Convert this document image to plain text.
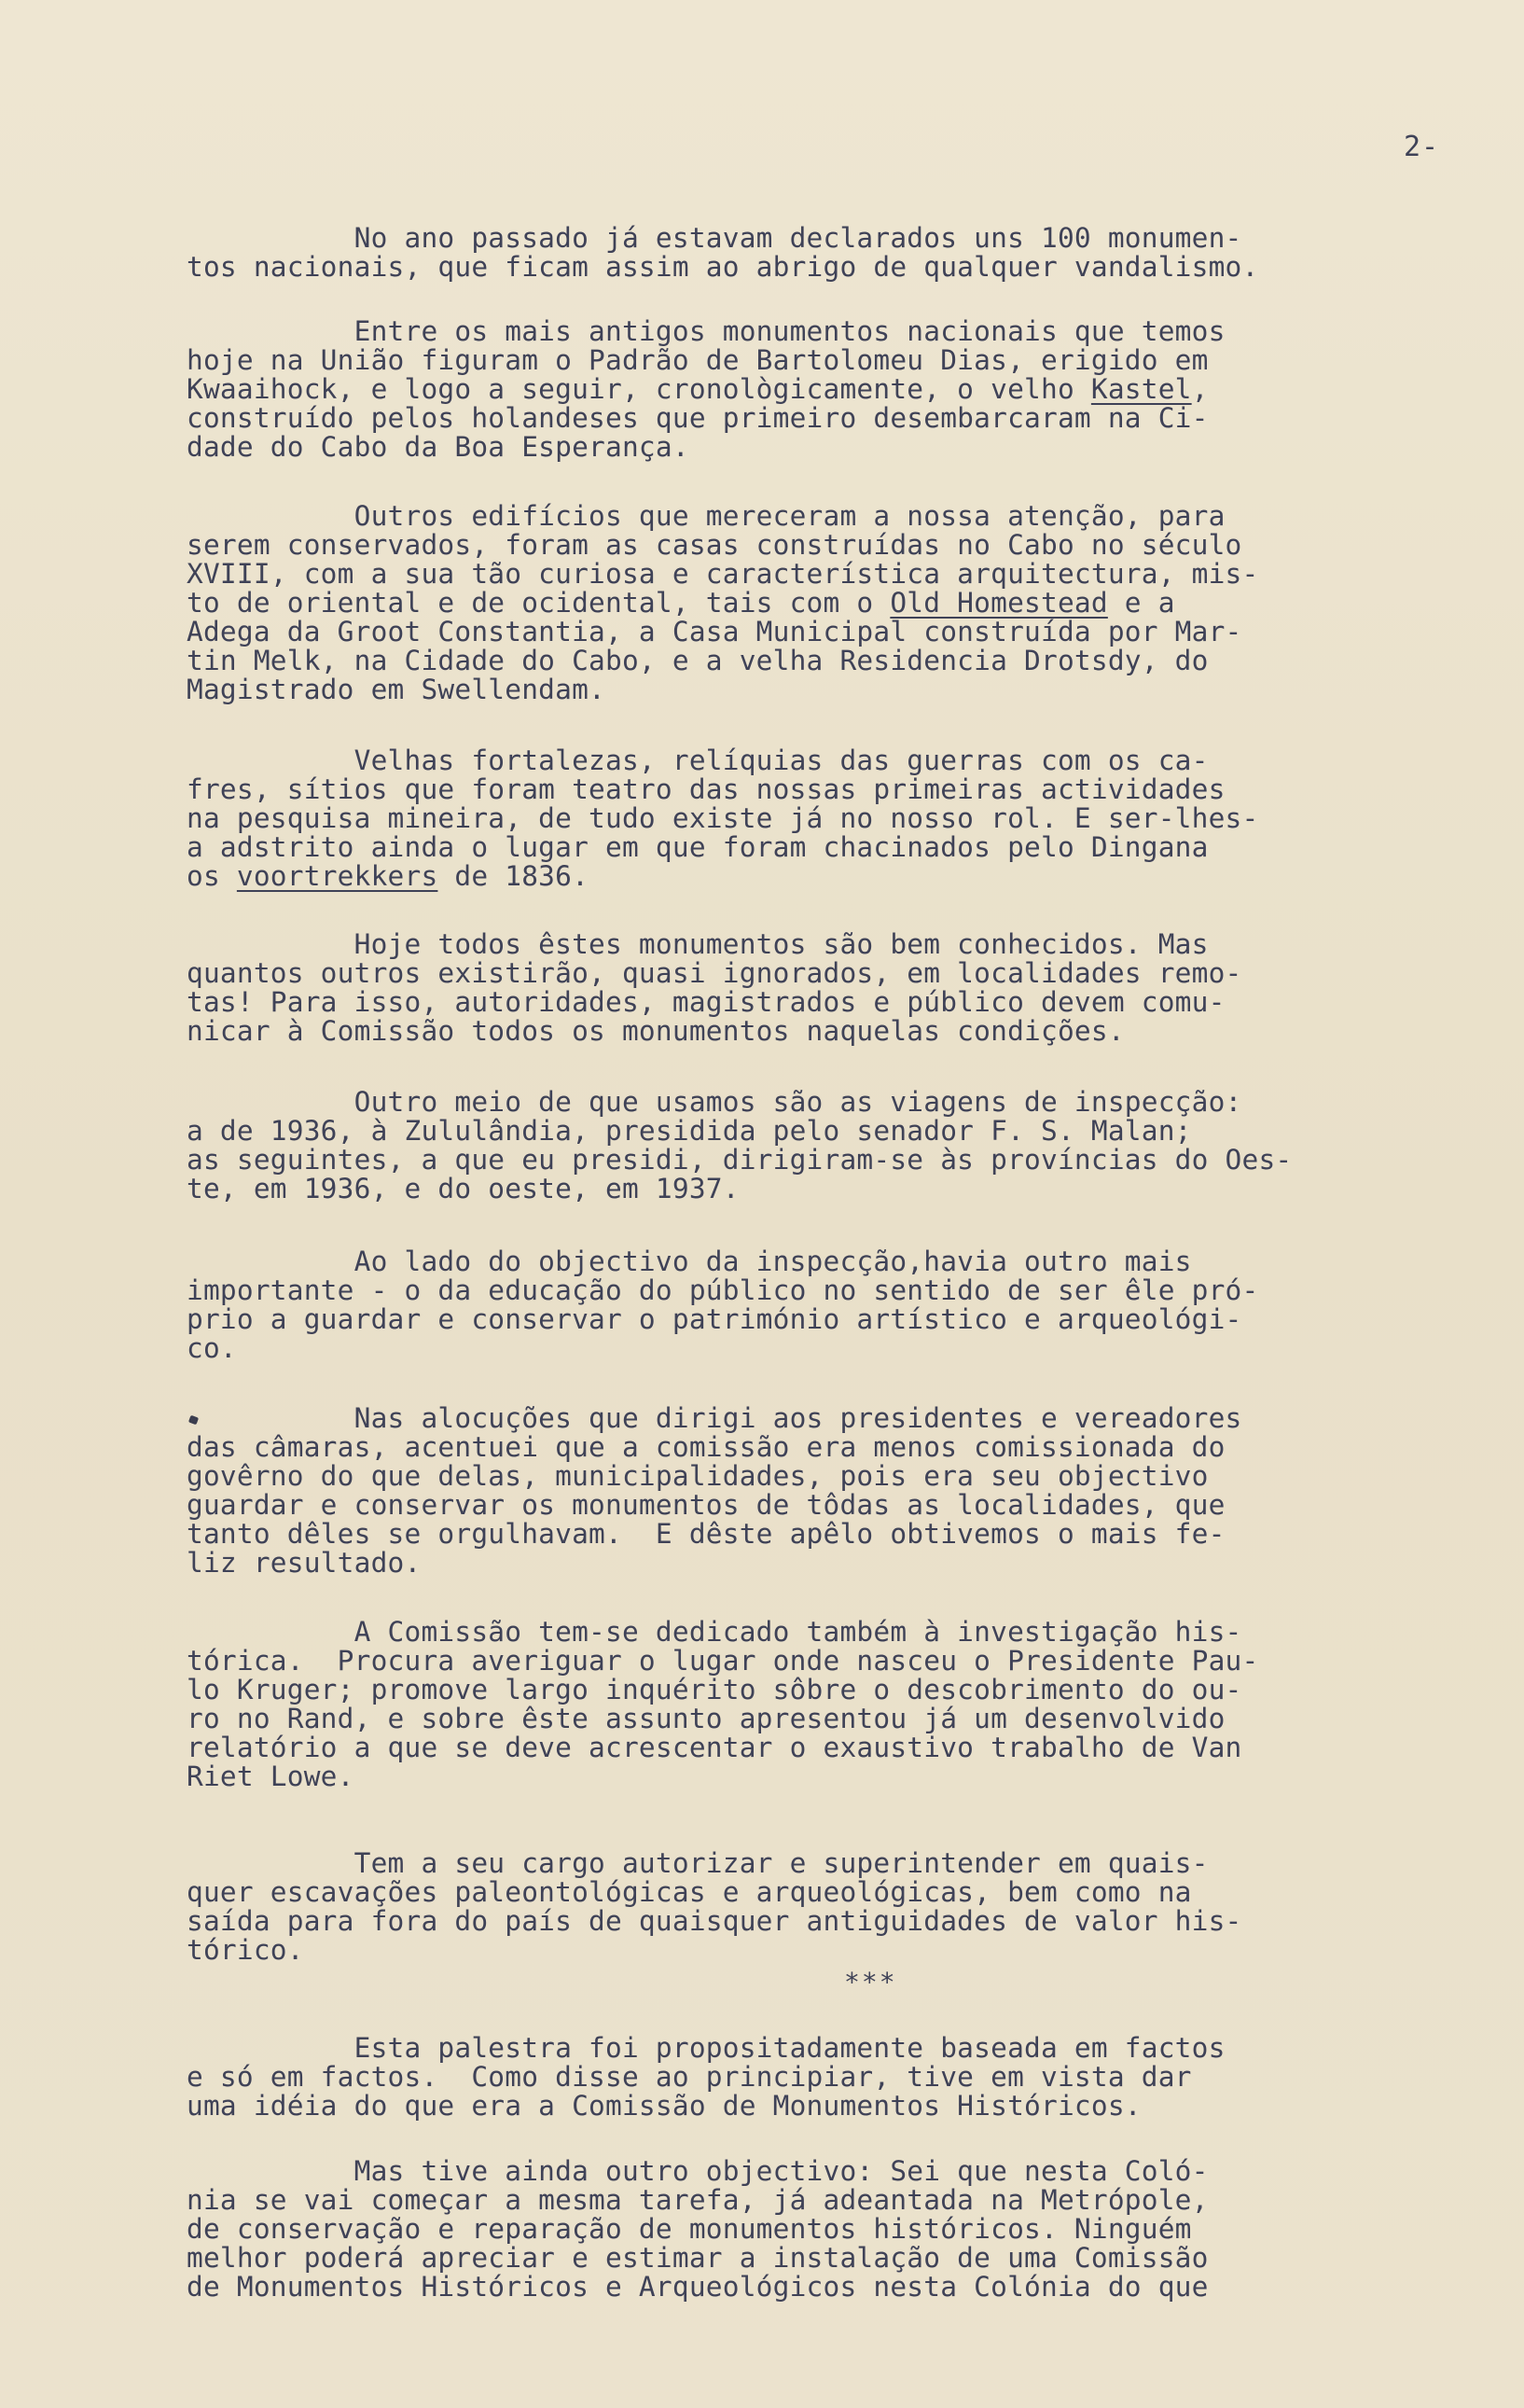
2-
No ano passado já estavam declarados uns 100 monumen-
tos nacionais, que ficam assim ao abrigo de qualquer vandalismo.
Entre os mais antigos monumentos nacionais que temos
hoje na União figuram o Padrão de Bartolomeu Dias, erigido em
Kwaaihock, e logo a seguir, cronològicamente, o velho Kastel,
construído pelos holandeses que primeiro desembarcaram na Ci-
dade do Cabo da Boa Esperança.
Outros edifícios que mereceram a nossa atenção, para
serem conservados, foram as casas construídas no Cabo no século
XVIII, com a sua tão curiosa e característica arquitectura, mis-
to de oriental e de ocidental, tais com o Old Homestead e a
Adega da Groot Constantia, a Casa Municipal construída por Mar-
tin Melk, na Cidade do Cabo, e a velha Residencia Drotsdy, do
Magistrado em Swellendam.
Velhas fortalezas, relíquias das guerras com os ca-
fres, sítios que foram teatro das nossas primeiras actividades
na pesquisa mineira, de tudo existe já no nosso rol. E ser-lhes-
a adstrito ainda o lugar em que foram chacinados pelo Dingana
os voortrekkers de 1836.
Hoje todos êstes monumentos são bem conhecidos. Mas
quantos outros existirão, quasi ignorados, em localidades remo-
tas! Para isso, autoridades, magistrados e público devem comu-
nicar à Comissão todos os monumentos naquelas condições.
Outro meio de que usamos são as viagens de inspecção:
a de 1936, à Zululândia, presidida pelo senador F. S. Malan;
as seguintes, a que eu presidi, dirigiram-se às províncias do Oes-
te, em 1936, e do oeste, em 1937.
Ao lado do objectivo da inspecção,havia outro mais
importante - o da educação do público no sentido de ser êle pró-
prio a guardar e conservar o património artístico e arqueológi-
co.
Nas alocuções que dirigi aos presidentes e vereadores
das câmaras, acentuei que a comissão era menos comissionada do
govêrno do que delas, municipalidades, pois era seu objectivo
guardar e conservar os monumentos de tôdas as localidades, que
tanto dêles se orgulhavam.  E dêste apêlo obtivemos o mais fe-
liz resultado.
A Comissão tem-se dedicado também à investigação his-
tórica.  Procura averiguar o lugar onde nasceu o Presidente Pau-
lo Kruger; promove largo inquérito sôbre o descobrimento do ou-
ro no Rand, e sobre êste assunto apresentou já um desenvolvido
relatório a que se deve acrescentar o exaustivo trabalho de Van
Riet Lowe.
Tem a seu cargo autorizar e superintender em quais-
quer escavações paleontológicas e arqueológicas, bem como na
saída para fora do país de quaisquer antiguidades de valor his-
tórico.
***
Esta palestra foi propositadamente baseada em factos
e só em factos.  Como disse ao principiar, tive em vista dar
uma idéia do que era a Comissão de Monumentos Históricos.
Mas tive ainda outro objectivo: Sei que nesta Coló-
nia se vai começar a mesma tarefa, já adeantada na Metrópole,
de conservação e reparação de monumentos históricos. Ninguém
melhor poderá apreciar e estimar a instalação de uma Comissão
de Monumentos Históricos e Arqueológicos nesta Colónia do que
